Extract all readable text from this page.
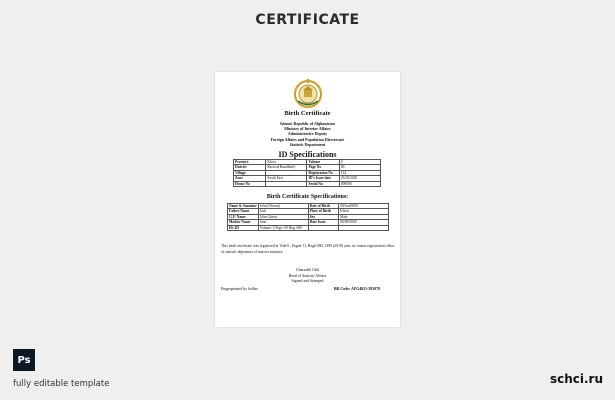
CERTIFICATE
Birth Certificate
Islamic Republic of Afghanistan
Ministry of Interior Affairs
Administrative Deputy
Foreign Affairs and Population Directorate
Statistic Department
ID Specifications
Province	Khost	Volume	0
District	Rasfooi(Rasulkhel)	Page No	00
Village		Registration No	144
Zone	South East	ID's Issue date	23/10/2020
House No		Serial No	000000
Birth Certificate Specifications:
Name & Surname	John (Ghtum)	Date of Birth	00/Jan/0000
Father Name	Jack	Place of Birth	Khost
G.F/ Name	John Gitters	Sex	Male
Mother Name	Jane	Date Issue	00/00/0000
Elc ID	Volume: 0 Page: 00 Reg: 000		
This birth certificate was registered at Vol# 0 , Page# 11, Reg# 000, 1399 (2019) year, in census registration office of statistic departmet of interior ministry.
Gharzalih Ghil
Head of Statistic Affairs
Signed and Stamped
Fingerprinted by holder	BR Code: AFG4021-583078
Ps
fully editable template	schci.ru
